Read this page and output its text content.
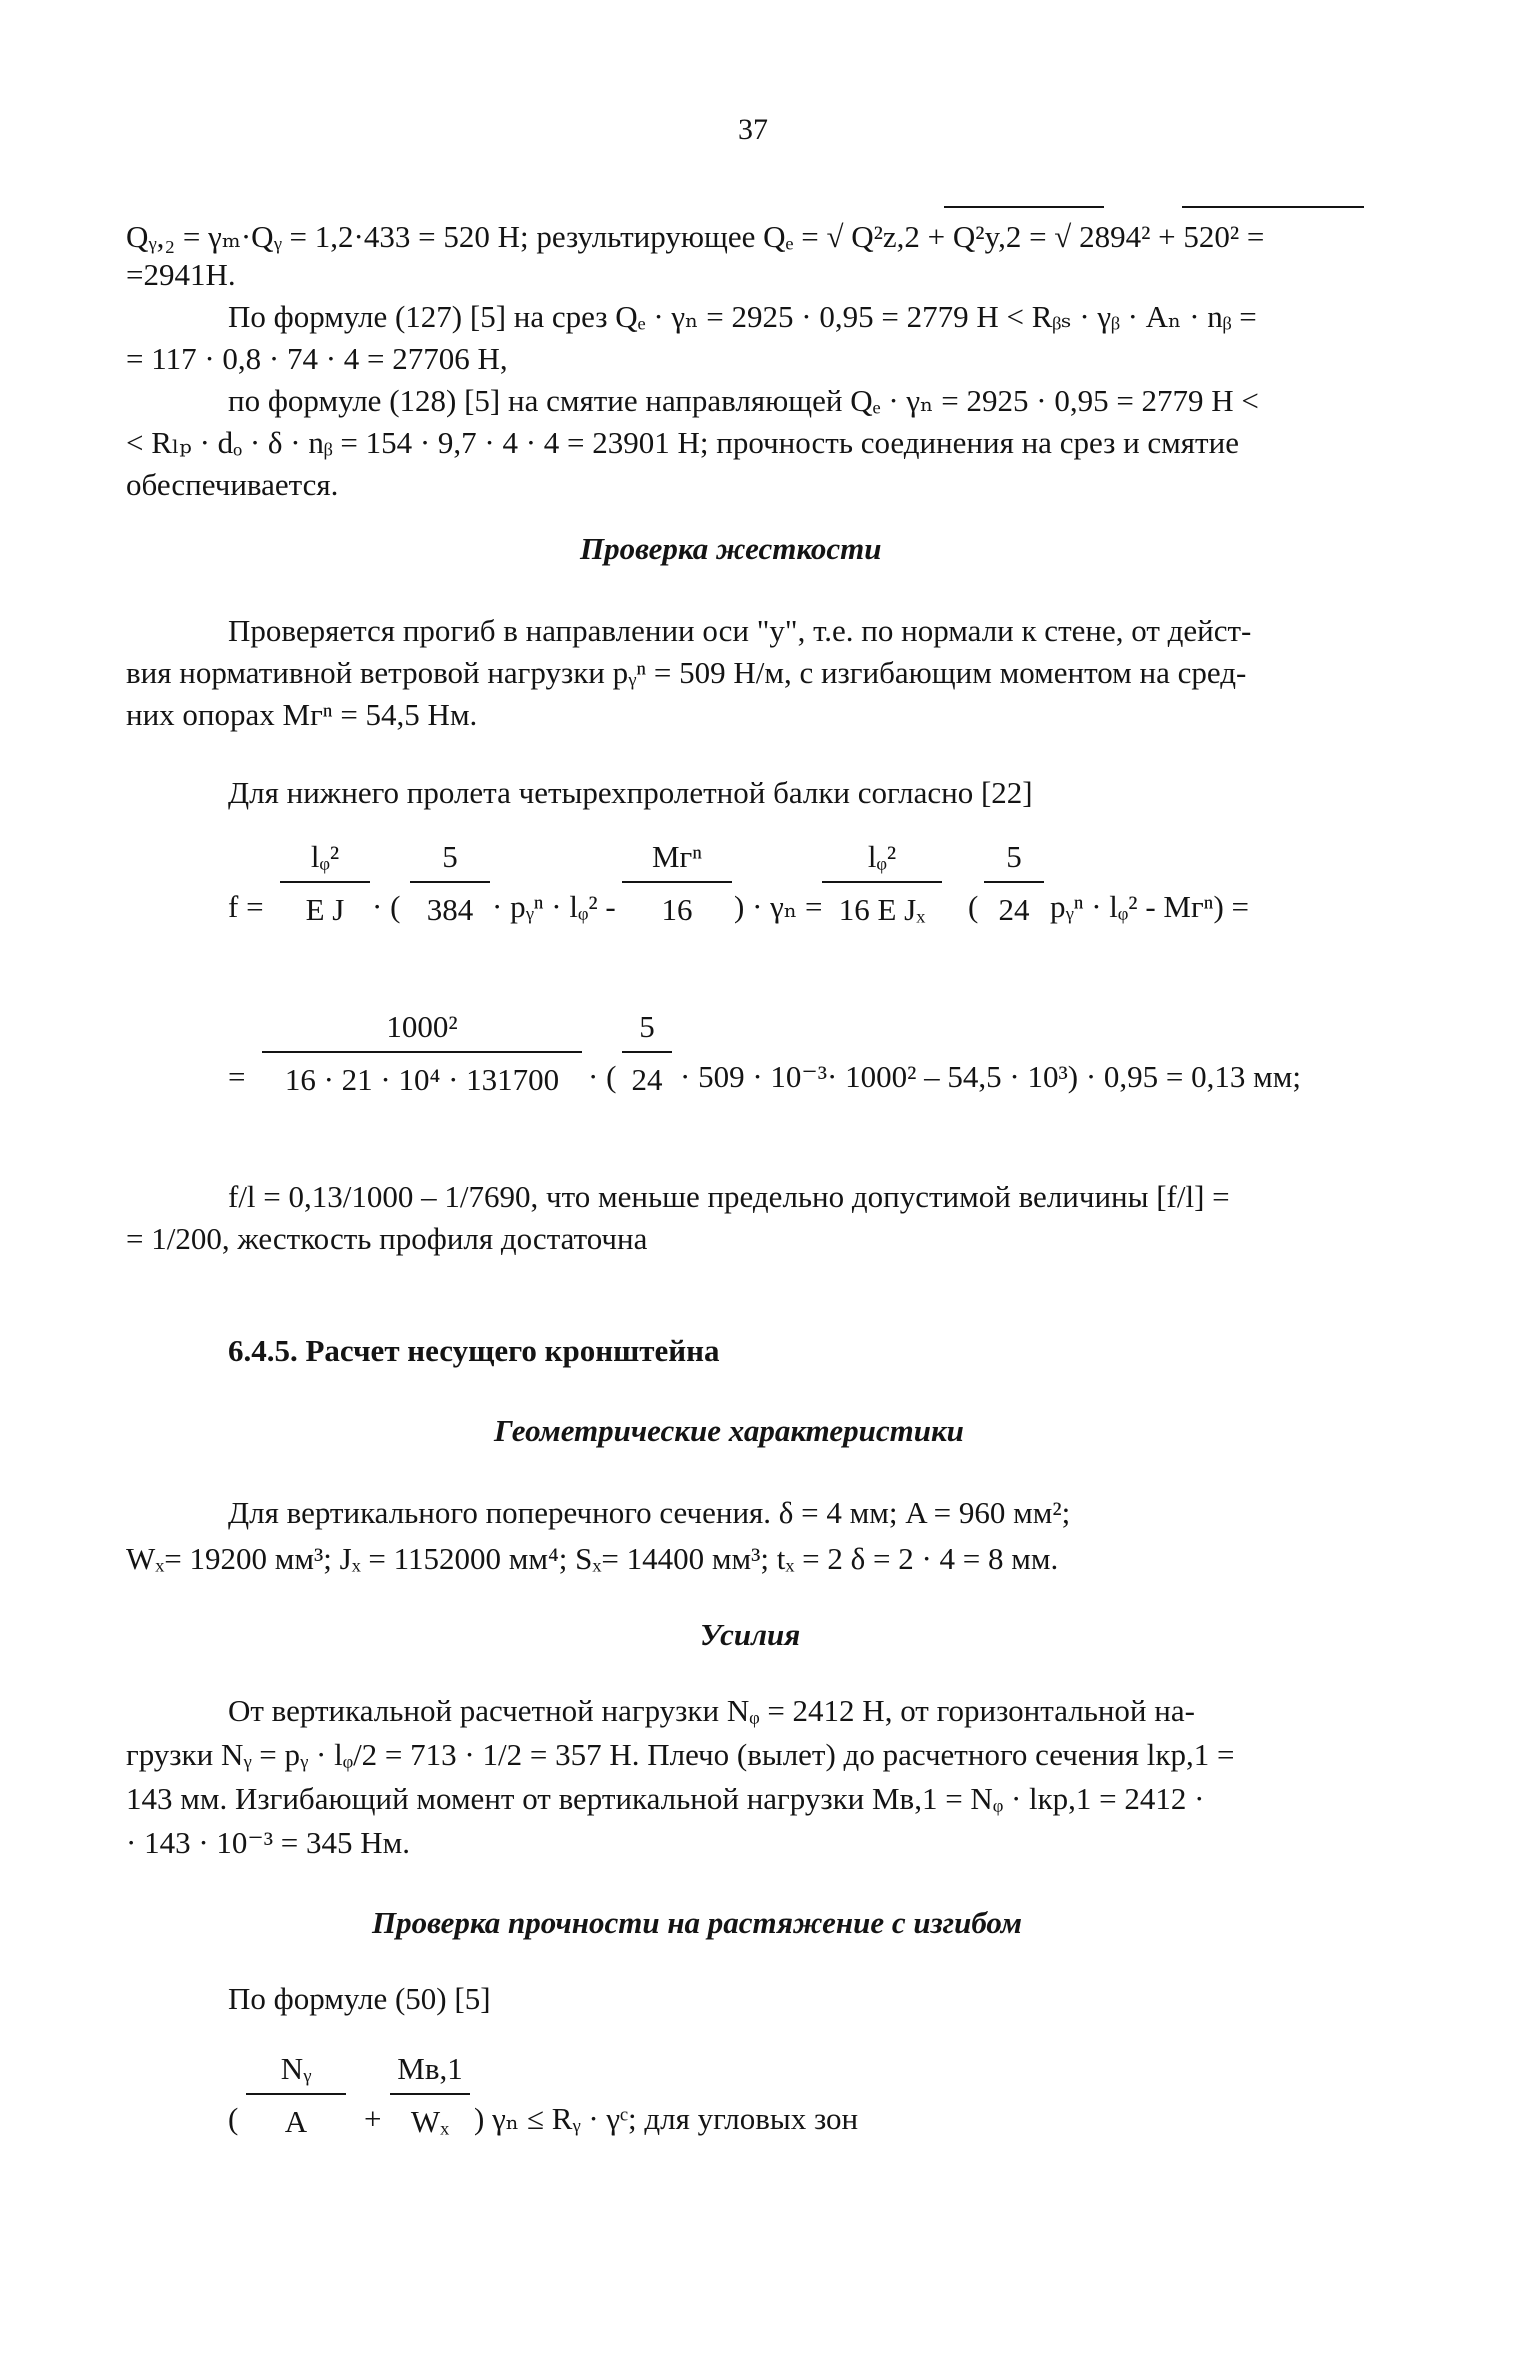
37
Qᵧ,₂ = γₘ·Qᵧ = 1,2·433 = 520 Н; результирующее Qₑ = √ Q²z,2 + Q²y,2 = √ 2894² + 520² =
=2941Н.
По формуле (127) [5] на срез Qₑ · γₙ = 2925 · 0,95 = 2779 Н < Rᵦₛ · γᵦ · Aₙ · nᵦ =
= 117 · 0,8 · 74 · 4 = 27706 Н,
по формуле (128) [5] на смятие направляющей Qₑ · γₙ = 2925 · 0,95 = 2779 H <
< Rₗₚ · dₒ · δ · nᵦ = 154 · 9,7 · 4 · 4 = 23901 Н; прочность соединения на срез и смятие
обеспечивается.
Проверка жесткости
Проверяется прогиб в направлении оси "у", т.е. по нормали к стене, от дейст-
вия нормативной ветровой нагрузки pᵧⁿ = 509 Н/м, с изгибающим моментом на сред-
них опорах Mгⁿ = 54,5 Нм.
Для нижнего пролета четырехпролетной балки согласно [22]
f =
lᵩ²
E J · (
5
384 · pᵧⁿ · lᵩ² -
Mгⁿ
16	) · γₙ =
lᵩ²
16 E Jₓ	(
5
24 pᵧⁿ · lᵩ² - Mгⁿ) =
=
1000²
16 · 21 · 10⁴ · 131700 · (
5
24 · 509 · 10⁻³· 1000² – 54,5 · 10³) · 0,95 = 0,13 мм;
f/l = 0,13/1000 – 1/7690, что меньше предельно допустимой величины [f/l] =
= 1/200, жесткость профиля достаточна
6.4.5. Расчет несущего кронштейна
Геометрические характеристики
Для вертикального поперечного сечения. δ = 4 мм; A = 960 мм²;
Wₓ= 19200 мм³; Jₓ = 1152000 мм⁴; Sₓ= 14400 мм³; tₓ = 2 δ = 2 · 4 = 8 мм.
Усилия
От вертикальной расчетной нагрузки Nᵩ = 2412 Н, от горизонтальной на-
грузки Nᵧ = pᵧ · lᵩ/2 = 713 · 1/2 = 357 Н. Плечо (вылет) до расчетного сечения lкр,1 =
143 мм. Изгибающий момент от вертикальной нагрузки Mв,1 = Nᵩ · lкр,1 = 2412 ·
· 143 · 10⁻³ = 345 Нм.
Проверка прочности на растяжение с изгибом
По формуле (50) [5]
(
Nᵧ
A	+
Mв,1
Wₓ ) γₙ ≤ Rᵧ · γᶜ; для угловых зон
